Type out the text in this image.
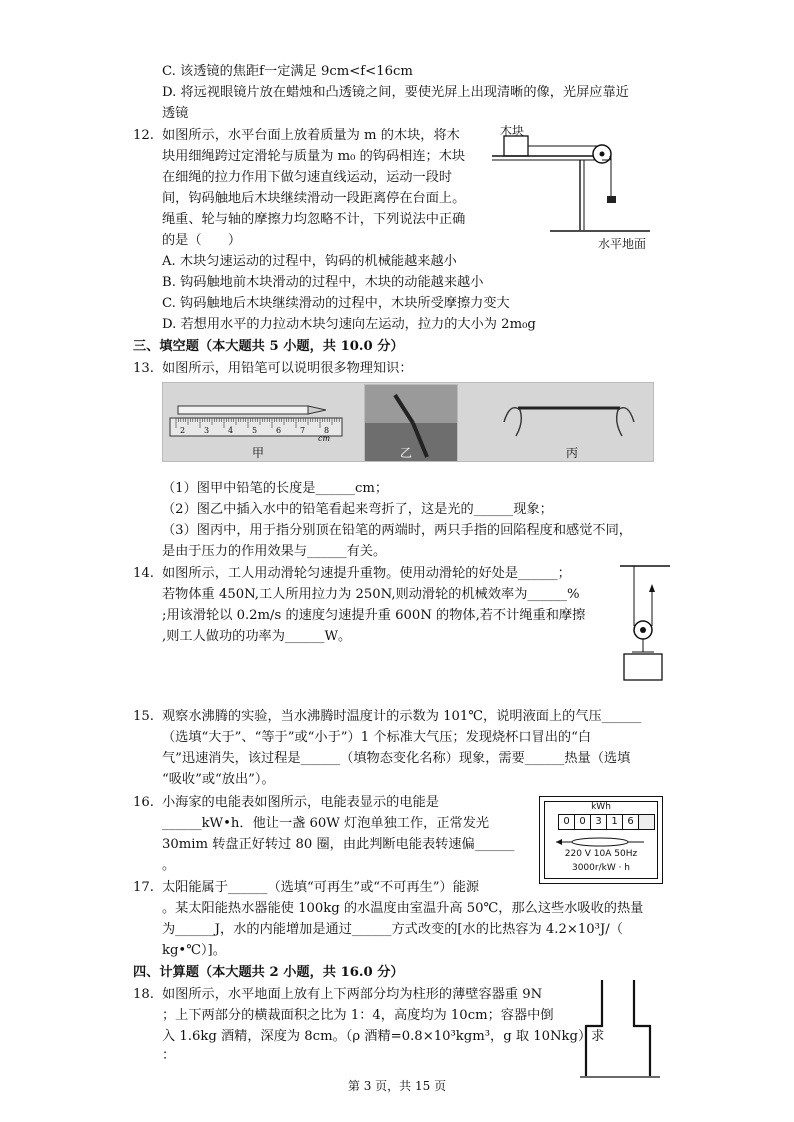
C. 该透镜的焦距f一定满足 9cm<f<16cm
D. 将远视眼镜片放在蜡烛和凸透镜之间，要使光屏上出现清晰的像，光屏应靠近
透镜
12. 如图所示，水平台面上放着质量为 m 的木块，将木
块用细绳跨过定滑轮与质量为 m₀ 的钩码相连；木块
在细绳的拉力作用下做匀速直线运动，运动一段时
间，钩码触地后木块继续滑动一段距离停在台面上。
绳重、轮与轴的摩擦力均忽略不计，下列说法中正确
的是（　　）
A. 木块匀速运动的过程中，钩码的机械能越来越小
B. 钩码触地前木块滑动的过程中，木块的动能越来越小
C. 钩码触地后木块继续滑动的过程中，木块所受摩擦力变大
D. 若想用水平的力拉动木块匀速向左运动，拉力的大小为 2m₀g
木块
水平地面
三、填空题（本大题共 5 小题，共 10.0 分）
13. 如图所示，用铅笔可以说明很多物理知识：
2 3 4 5 6 7 8
cm
甲	乙	丙
（1）图甲中铅笔的长度是______cm；
（2）图乙中插入水中的铅笔看起来弯折了，这是光的______现象；
（3）图丙中，用于指分别顶在铅笔的两端时，两只手指的回陷程度和感觉不同，
是由于压力的作用效果与______有关。
14. 如图所示，工人用动滑轮匀速提升重物。使用动滑轮的好处是______；
若物体重 450N,工人所用拉力为 250N,则动滑轮的机械效率为______%
;用该滑轮以 0.2m/s 的速度匀速提升重 600N 的物体,若不计绳重和摩擦
,则工人做功的功率为______W。
15. 观察水沸腾的实验，当水沸腾时温度计的示数为 101℃，说明液面上的气压______
（选填“大于”、“等于”或“小于”）1 个标准大气压；发现烧杯口冒出的“白
气”迅速消失，该过程是______（填物态变化名称）现象，需要______热量（选填
“吸收”或“放出”）。
16. 小海家的电能表如图所示，电能表显示的电能是
______kW•h．他让一盏 60W 灯泡单独工作，正常发光
30mim 转盘正好转过 80 圈，由此判断电能表转速偏______
。
kWh
0 0 3 1 6
220 V 10A 50Hz
3000r/kW · h
17. 太阳能属于______（选填“可再生”或“不可再生”）能源
。某太阳能热水器能使 100kg 的水温度由室温升高 50℃，那么这些水吸收的热量
为______J，水的内能增加是通过______方式改变的[水的比热容为 4.2×10³J/（
kg•℃）]。
四、计算题（本大题共 2 小题，共 16.0 分）
18. 如图所示，水平地面上放有上下两部分均为柱形的薄壁容器重 9N
；上下两部分的横裁面积之比为 1：4，高度均为 10cm；容器中倒
入 1.6kg 酒精，深度为 8cm。（ρ 酒精=0.8×10³kgm³，g 取 10Nkg）求
：
第 3 页，共 15 页
